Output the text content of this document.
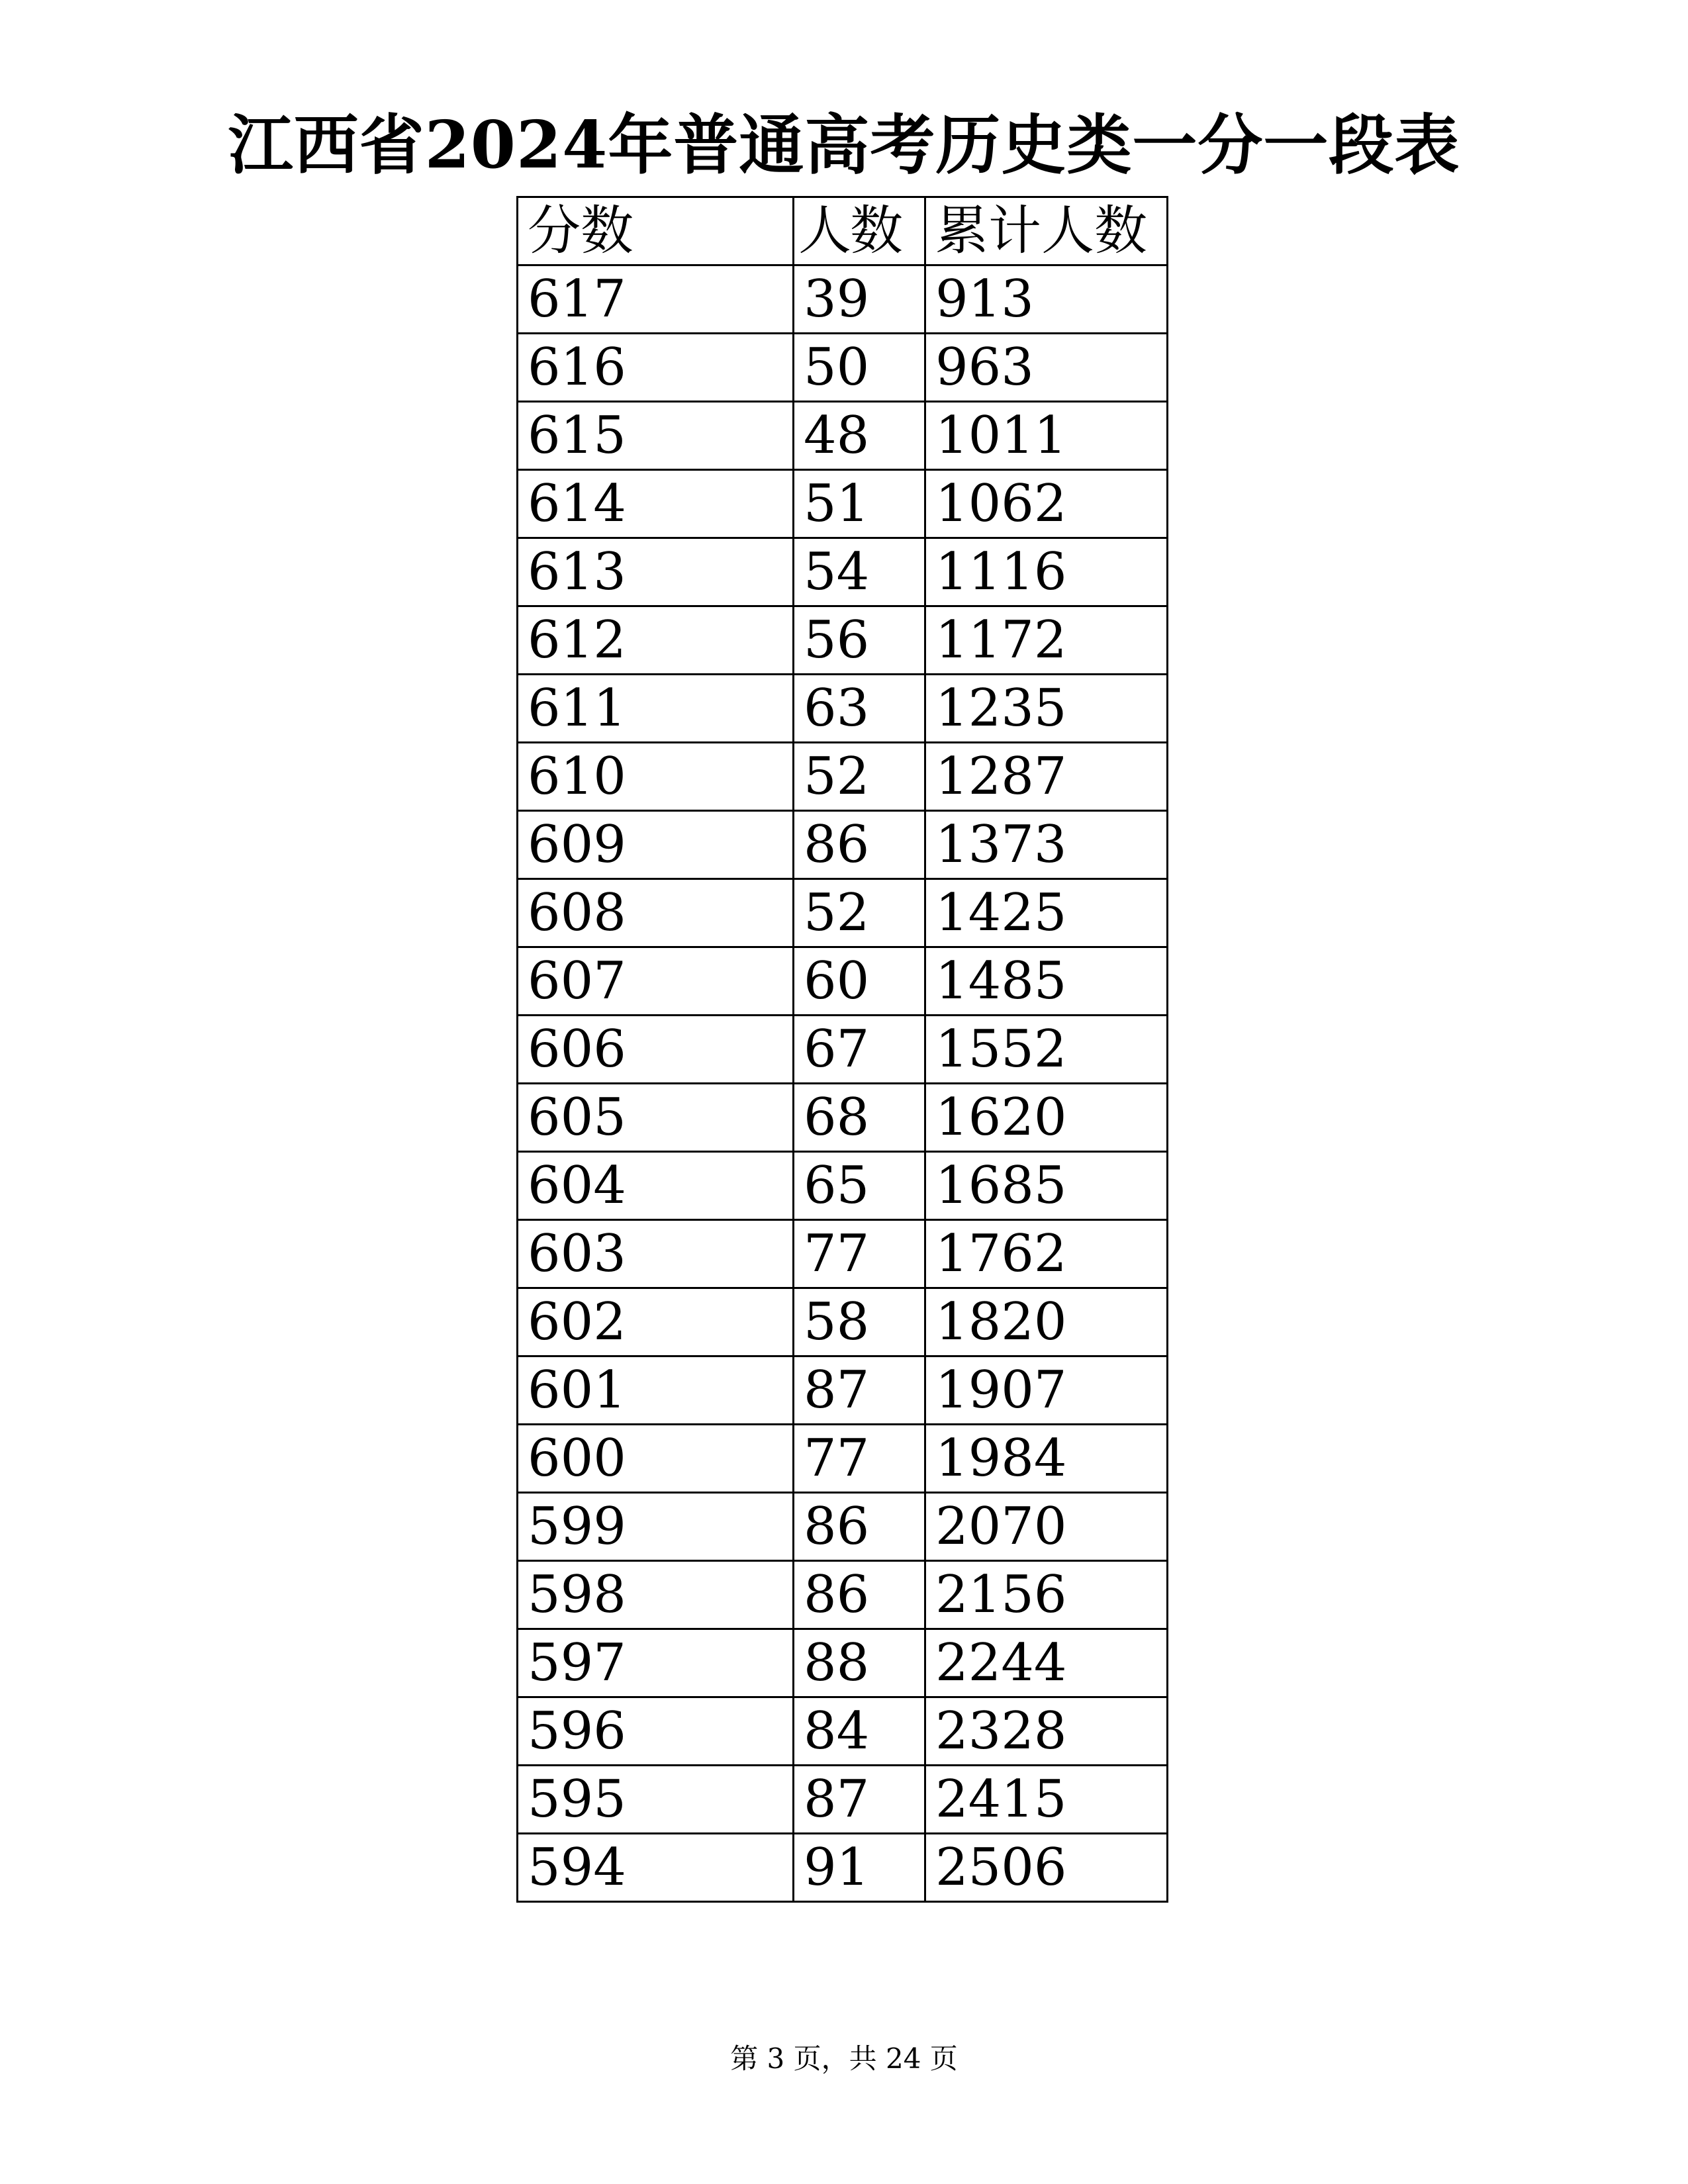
江西省2024年普通高考历史类一分一段表
分数	人数	累计人数
617	39	913
616	50	963
615	48	1011
614	51	1062
613	54	1116
612	56	1172
611	63	1235
610	52	1287
609	86	1373
608	52	1425
607	60	1485
606	67	1552
605	68	1620
604	65	1685
603	77	1762
602	58	1820
601	87	1907
600	77	1984
599	86	2070
598	86	2156
597	88	2244
596	84	2328
595	87	2415
594	91	2506
第 3 页，共 24 页
